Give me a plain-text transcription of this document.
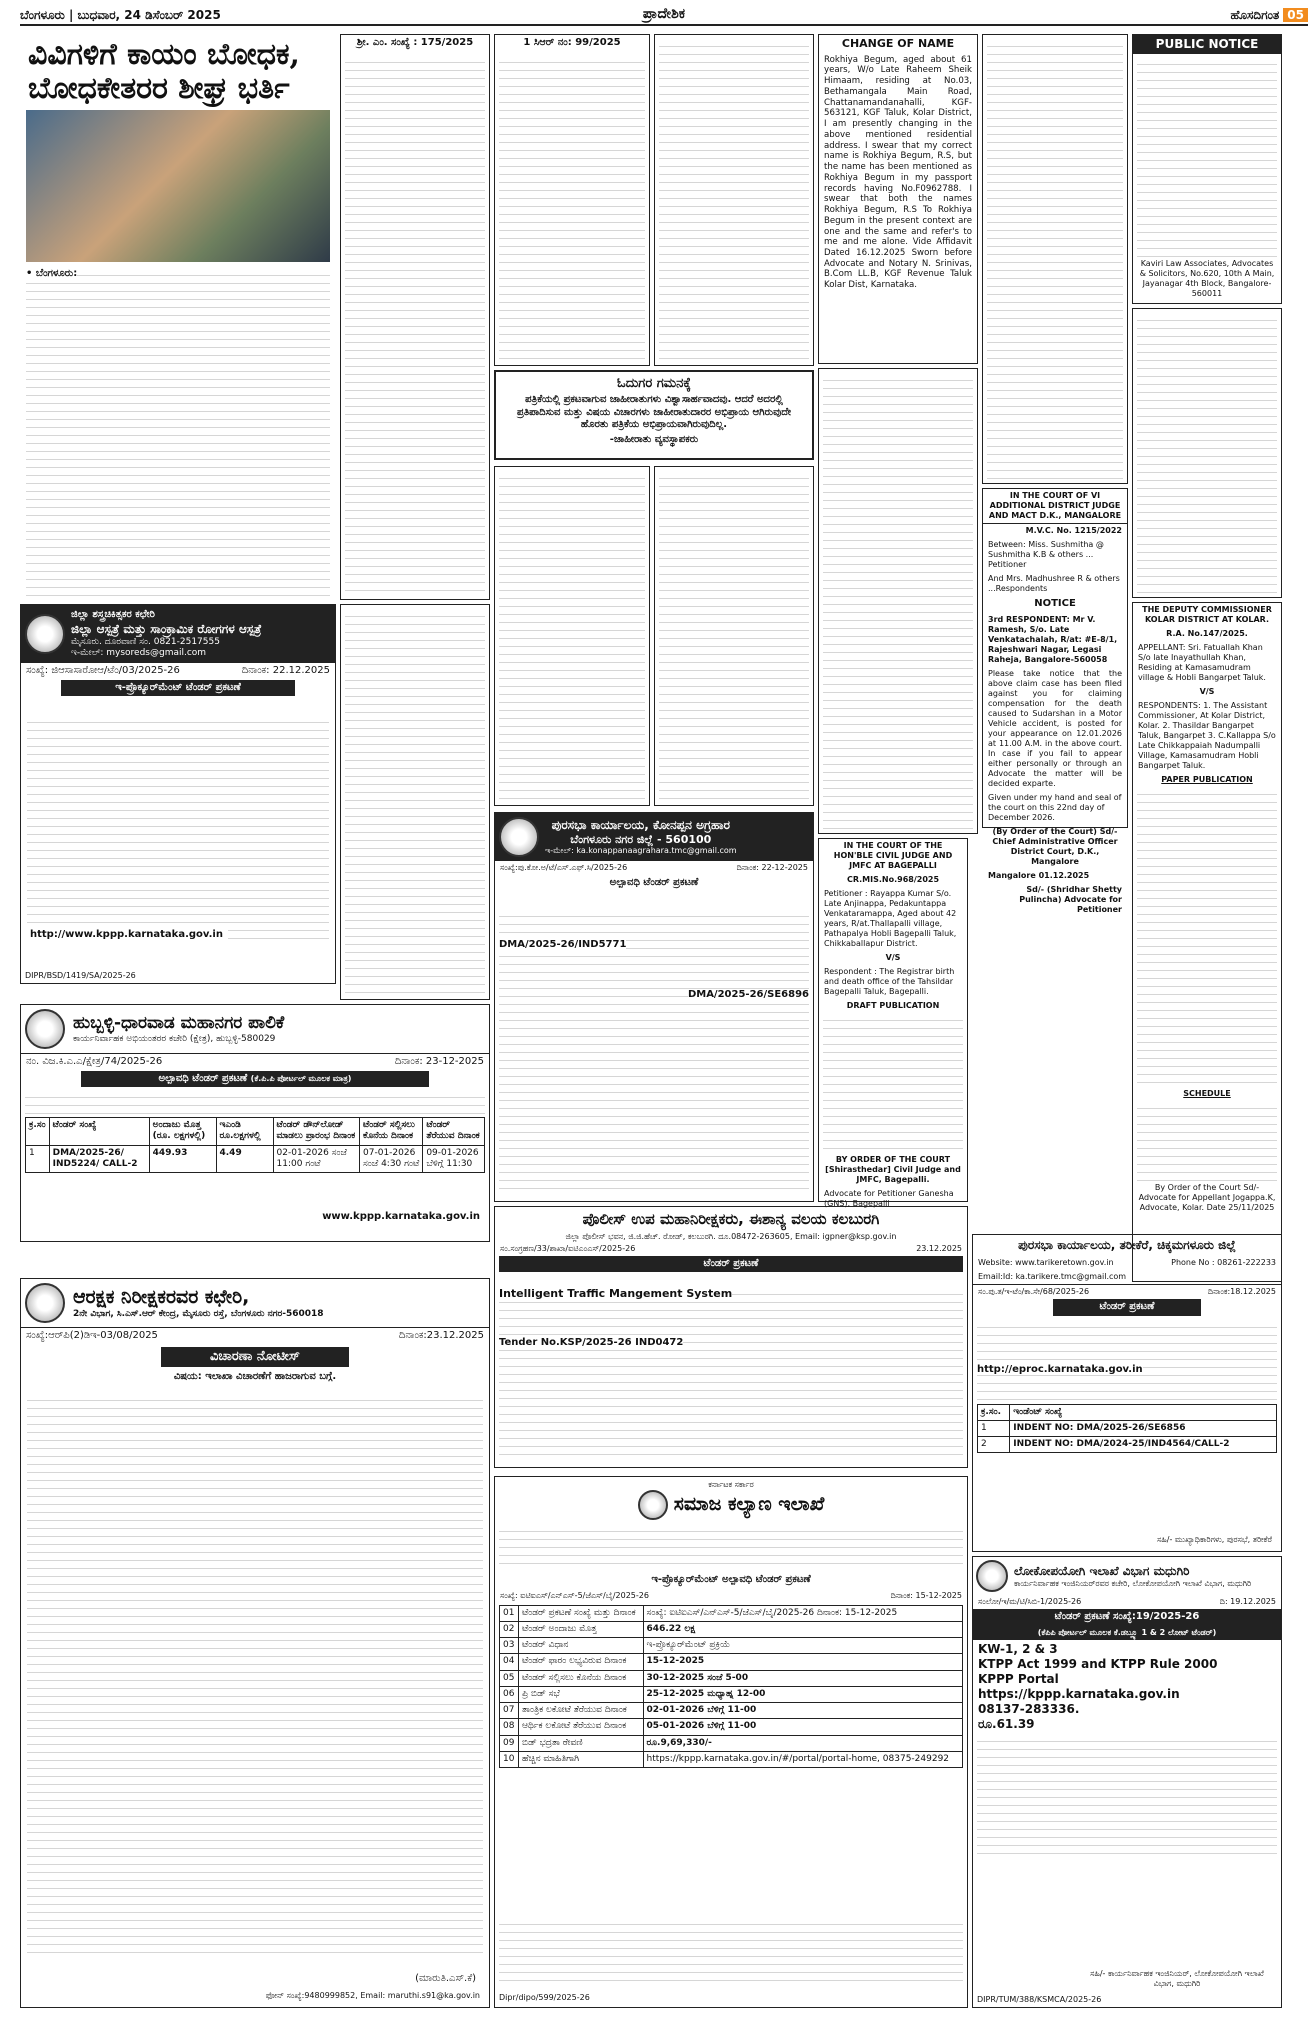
ಬೆಂಗಳೂರು | ಬುಧವಾರ, 24 ಡಿಸೆಂಬರ್ 2025	ಪ್ರಾದೇಶಿಕ	ಹೊಸದಿಗಂತ 05
ವಿವಿಗಳಿಗೆ ಕಾಯಂ ಬೋಧಕ, ಬೋಧಕೇತರರ ಶೀಘ್ರ ಭರ್ತಿ
• ಬೆಂಗಳೂರು:
ಜಿಲ್ಲಾ ಶಸ್ತ್ರಚಿಕಿತ್ಸಕರ ಕಛೇರಿ
ಜಿಲ್ಲಾ ಆಸ್ಪತ್ರೆ ಮತ್ತು ಸಾಂಕ್ರಾಮಿಕ ರೋಗಗಳ ಆಸ್ಪತ್ರೆ
ಮೈಸೂರು. ದೂರವಾಣಿ ಸಂ. 0821-2517555
ಇ-ಮೇಲ್: mysoreds@gmail.com
ಸಂಖ್ಯೆ: ಜಿಆಸಾಸಾರೋಆ/ಟೆಂ/03/2025-26	ದಿನಾಂಕ: 22.12.2025
ಇ-ಪ್ರೊಕ್ಯೂರ್‌ಮೆಂಟ್ ಟೆಂಡರ್ ಪ್ರಕಟಣೆ
http://www.kppp.karnataka.gov.in
DIPR/BSD/1419/SA/2025-26
ಹುಬ್ಬಳ್ಳಿ-ಧಾರವಾಡ ಮಹಾನಗರ ಪಾಲಿಕೆ
ಕಾರ್ಯನಿರ್ವಾಹಕ ಅಭಿಯಂತರರ ಕಚೇರಿ (ಕ್ಷೇತ್ರ), ಹುಬ್ಬಳ್ಳಿ-580029
ನಂ. ವಿಜ.ಕಿ.ಎ.ಎ/ಕ್ಷೇತ್ರ/74/2025-26	ದಿನಾಂಕ: 23-12-2025
ಅಲ್ಪಾವಧಿ ಟೆಂಡರ್ ಪ್ರಕಟಣೆ (ಕೆ.ಪಿ.ಪಿ ಪೋರ್ಟಲ್ ಮೂಲಕ ಮಾತ್ರ)
ಕ್ರ.ಸಂ	ಟೆಂಡರ್ ಸಂಖ್ಯೆ	ಅಂದಾಜು ಮೊತ್ತ (ರೂ. ಲಕ್ಷಗಳಲ್ಲಿ)	ಇಎಂಡಿ ರೂ.ಲಕ್ಷಗಳಲ್ಲಿ	ಟೆಂಡರ್ ಡೌನ್‌ಲೋಡ್ ಮಾಡಲು ಪ್ರಾರಂಭ ದಿನಾಂಕ	ಟೆಂಡರ್ ಸಲ್ಲಿಸಲು ಕೊನೆಯ ದಿನಾಂಕ	ಟೆಂಡರ್ ತೆರೆಯುವ ದಿನಾಂಕ
1	DMA/2025-26/ IND5224/ CALL-2	449.93	4.49	02-01-2026 ಸಂಜೆ 11:00 ಗಂಟೆ	07-01-2026 ಸಂಜೆ 4:30 ಗಂಟೆ	09-01-2026 ಬೆಳಿಗ್ಗೆ 11:30
www.kppp.karnataka.gov.in
ಆರಕ್ಷಕ ನಿರೀಕ್ಷಕರವರ ಕಛೇರಿ,
2ನೇ ವಿಭಾಗ, ಸಿ.ಎಸ್.ಆರ್ ಕೇಂದ್ರ, ಮೈಸೂರು ರಸ್ತೆ, ಬೆಂಗಳೂರು ನಗರ-560018
ಸಂಖ್ಯೆ:ಆರ್‌ಪಿ(2)ಡಿಇ-03/08/2025	ದಿನಾಂಕ:23.12.2025
ವಿಚಾರಣಾ ನೋಟೀಸ್
ವಿಷಯ: ಇಲಾಖಾ ವಿಚಾರಣೆಗೆ ಹಾಜರಾಗುವ ಬಗ್ಗೆ.
(ಮಾರುತಿ.ಎಸ್.ಕೆ)
ಫೋನ್ ಸಂಖ್ಯೆ:9480999852, Email: maruthi.s91@ka.gov.in
ಶ್ರೀ. ಎಂ. ಸಂಖ್ಯೆ : 175/2025	1 ಸಿಆರ್ ನಂ: 99/2025
ಓದುಗರ ಗಮನಕ್ಕೆ
ಪತ್ರಿಕೆಯಲ್ಲಿ ಪ್ರಕಟವಾಗುವ ಜಾಹೀರಾತುಗಳು ವಿಶ್ವಾಸಾರ್ಹವಾದವು. ಆದರೆ ಅದರಲ್ಲಿ ಪ್ರತಿಪಾದಿಸುವ ಮತ್ತು ವಿಷಯ ವಿಚಾರಗಳು ಜಾಹೀರಾತುದಾರರ ಅಭಿಪ್ರಾಯ ಆಗಿರುವುದೇ ಹೊರತು ಪತ್ರಿಕೆಯ ಅಭಿಪ್ರಾಯವಾಗಿರುವುದಿಲ್ಲ.
-ಜಾಹೀರಾತು ವ್ಯವಸ್ಥಾಪಕರು
ಪುರಸಭಾ ಕಾರ್ಯಾಲಯ, ಕೋನಪ್ಪನ ಅಗ್ರಹಾರ
ಬೆಂಗಳೂರು ನಗರ ಜಿಲ್ಲೆ - 560100
ಇ-ಮೇಲ್: ka.konappanaagrahara.tmc@gmail.com
ಸಂಖ್ಯೆ:ಪು.ಕೋ.ಅ/ಟೆ/ಎಸ್.ಎಫ್.ಸಿ/2025-26	ದಿನಾಂಕ: 22-12-2025
ಅಲ್ಪಾವಧಿ ಟೆಂಡರ್ ಪ್ರಕಟಣೆ
DMA/2025-26/IND5771
DMA/2025-26/SE6896
ಪೊಲೀಸ್ ಉಪ ಮಹಾನಿರೀಕ್ಷಕರು, ಈಶಾನ್ಯ ವಲಯ ಕಲಬುರಗಿ
ಜಿಲ್ಲಾ ಪೊಲೀಸ್ ಭವನ, ಜಿ.ಜಿ.ಹೆಚ್. ರೋಡ್, ಕಲಬುರಗಿ. ದೂ.08472-263605, Email: igpner@ksp.gov.in
ಸಂ.ಸಂಗ್ರಹಣ/33/ಶಾಖಾ/ಐಟಿಎಂಎಸ್/2025-26	23.12.2025
ಟೆಂಡರ್ ಪ್ರಕಟಣೆ
Intelligent Traffic Mangement System
Tender No.KSP/2025-26 IND0472
ಕರ್ನಾಟಕ ಸರ್ಕಾರ
ಸಮಾಜ ಕಲ್ಯಾಣ ಇಲಾಖೆ
ಇ-ಪ್ರೊಕ್ಯೂರ್‌ಮೆಂಟ್ ಅಲ್ಪಾವಧಿ ಟೆಂಡರ್ ಪ್ರಕಟಣೆ
ಸಂಖ್ಯೆ: ಐಟಿಐಎಸ್/ಎನ್‌ಎಸ್-5/ಜೆಎಸ್/ಬೈ/2025-26	ದಿನಾಂಕ: 15-12-2025
01	ಟೆಂಡರ್ ಪ್ರಕಟಣೆ ಸಂಖ್ಯೆ ಮತ್ತು ದಿನಾಂಕ	ಸಂಖ್ಯೆ: ಐಟಿಐಎಸ್/ಎನ್‌ಎಸ್-5/ಜೆಎಸ್/ಬೈ/2025-26 ದಿನಾಂಕ: 15-12-2025
02	ಟೆಂಡರ್ ಅಂದಾಜು ಮೊತ್ತ	646.22 ಲಕ್ಷ
03	ಟೆಂಡರ್ ವಿಧಾನ	ಇ-ಪ್ರೊಕ್ಯೂರ್‌ಮೆಂಟ್ ಪ್ರಕ್ರಿಯೆ
04	ಟೆಂಡರ್ ಫಾರಂ ಲಭ್ಯವಿರುವ ದಿನಾಂಕ	15-12-2025
05	ಟೆಂಡರ್ ಸಲ್ಲಿಸಲು ಕೊನೆಯ ದಿನಾಂಕ	30-12-2025 ಸಂಜೆ 5-00
06	ಪ್ರಿ ಬಿಡ್ ಸಭೆ	25-12-2025 ಮಧ್ಯಾಹ್ನ 12-00
07	ತಾಂತ್ರಿಕ ಲಕೋಟೆ ತೆರೆಯುವ ದಿನಾಂಕ	02-01-2026 ಬೆಳಿಗ್ಗೆ 11-00
08	ಆರ್ಥಿಕ ಲಕೋಟೆ ತೆರೆಯುವ ದಿನಾಂಕ	05-01-2026 ಬೆಳಿಗ್ಗೆ 11-00
09	ಬಿಡ್ ಭದ್ರತಾ ಠೇವಣಿ	ರೂ.9,69,330/-
10	ಹೆಚ್ಚಿನ ಮಾಹಿತಿಗಾಗಿ	https://kppp.karnataka.gov.in/#/portal/portal-home, 08375-249292
Dipr/dipo/599/2025-26
CHANGE OF NAME
Rokhiya Begum, aged about 61 years, W/o Late Raheem Sheik Himaam, residing at No.03, Bethamangala Main Road, Chattanamandanahalli, KGF-563121, KGF Taluk, Kolar District, I am presently changing in the above mentioned residential address. I swear that my correct name is Rokhiya Begum, R.S, but the name has been mentioned as Rokhiya Begum in my passport records having No.F0962788. I swear that both the names Rokhiya Begum, R.S To Rokhiya Begum in the present context are one and the same and refer's to me and me alone. Vide Affidavit Dated 16.12.2025 Sworn before Advocate and Notary N. Srinivas, B.Com LL.B, KGF Revenue Taluk Kolar Dist, Karnataka.
IN THE COURT OF THE HON'BLE CIVIL JUDGE AND JMFC AT BAGEPALLI
CR.MIS.No.968/2025
Petitioner : Rayappa Kumar S/o. Late Anjinappa, Pedakuntappa Venkataramappa, Aged about 42 years, R/at.Thallapalli village, Pathapalya Hobli Bagepalli Taluk, Chikkaballapur District.
V/S
Respondent : The Registrar birth and death office of the Tahsildar Bagepalli Taluk, Bagepalli.
DRAFT PUBLICATION
BY ORDER OF THE COURT [Shirasthedar] Civil Judge and JMFC, Bagepalli.
Advocate for Petitioner Ganesha (GNS), Bagepalli
IN THE COURT OF VI ADDITIONAL DISTRICT JUDGE AND MACT D.K., MANGALORE
M.V.C. No. 1215/2022
Between: Miss. Sushmitha @ Sushmitha K.B & others ... Petitioner
And Mrs. Madhushree R & others ...Respondents
NOTICE
3rd RESPONDENT: Mr V. Ramesh, S/o. Late Venkatachalah, R/at: #E-8/1, Rajeshwari Nagar, Legasi Raheja, Bangalore-560058
Please take notice that the above claim case has been filed against you for claiming compensation for the death caused to Sudarshan in a Motor Vehicle accident, is posted for your appearance on 12.01.2026 at 11.00 A.M. in the above court. In case if you fail to appear either personally or through an Advocate the matter will be decided exparte.
Given under my hand and seal of the court on this 22nd day of December 2026.
(By Order of the Court) Sd/- Chief Administrative Officer District Court, D.K., Mangalore
Mangalore 01.12.2025
Sd/- (Shridhar Shetty Pulincha) Advocate for Petitioner
PUBLIC NOTICE
Kaviri Law Associates, Advocates & Solicitors, No.620, 10th A Main, Jayanagar 4th Block, Bangalore-560011
THE DEPUTY COMMISSIONER KOLAR DISTRICT AT KOLAR.
R.A. No.147/2025.
APPELLANT: Sri. Fatuallah Khan S/o late Inayathullah Khan, Residing at Kamasamudram village & Hobli Bangarpet Taluk.
V/S
RESPONDENTS: 1. The Assistant Commissioner, At Kolar District, Kolar. 2. Thasildar Bangarpet Taluk, Bangarpet 3. C.Kallappa S/o Late Chikkappaiah Nadumpalli Village, Kamasamudram Hobli Bangarpet Taluk.
PAPER PUBLICATION
SCHEDULE
By Order of the Court Sd/- Advocate for Appellant Jogappa.K, Advocate, Kolar. Date 25/11/2025
ಪುರಸಭಾ ಕಾರ್ಯಾಲಯ, ತರೀಕೆರೆ, ಚಿಕ್ಕಮಗಳೂರು ಜಿಲ್ಲೆ
Website: www.tarikeretown.gov.in	Phone No : 08261-222233
Email:Id: ka.tarikere.tmc@gmail.com
ಸಂ.ಪು.ತ/ಇ-ಟೆಂ/ಕಾ.ಸೇ/68/2025-26	ದಿನಾಂಕ:18.12.2025
ಟೆಂಡರ್ ಪ್ರಕಟಣೆ
http://eproc.karnataka.gov.in
ಕ್ರ.ಸಂ.	ಇಂಡೆಂಟ್ ಸಂಖ್ಯೆ
1	INDENT NO: DMA/2025-26/SE6856
2	INDENT NO: DMA/2024-25/IND4564/CALL-2
ಸಹಿ/- ಮುಖ್ಯಾಧಿಕಾರಿಗಳು, ಪುರಸಭೆ, ತರೀಕೆರೆ
ಲೋಕೋಪಯೋಗಿ ಇಲಾಖೆ ವಿಭಾಗ ಮಧುಗಿರಿ
ಕಾರ್ಯನಿರ್ವಾಹಕ ಇಂಜಿನಿಯರ್‌ರವರ ಕಚೇರಿ, ಲೋಕೋಪಯೋಗಿ ಇಲಾಖೆ ವಿಭಾಗ, ಮಧುಗಿರಿ
ಸಂಲೋ/ಇ/ಮ/ಟಿ/ಸಿಬಿ-1/2025-26	ದಿ: 19.12.2025
ಟೆಂಡರ್ ಪ್ರಕಟಣೆ ಸಂಖ್ಯೆ:19/2025-26
(ಕೆಪಿಪಿ ಪೋರ್ಟಲ್ ಮೂಲಕ ಕೆ.ಡಬ್ಲ್ಯೂ 1 & 2 ಲೋಟ್ ಟೆಂಡರ್)
KW-1, 2 & 3
KTPP Act 1999 and KTPP Rule 2000
KPPP Portal
https://kppp.karnataka.gov.in
08137-283336.
ರೂ.61.39
ಸಹಿ/- ಕಾರ್ಯನಿರ್ವಾಹಕ ಇಂಜಿನಿಯರ್, ಲೋಕೋಪಯೋಗಿ ಇಲಾಖೆ ವಿಭಾಗ, ಮಧುಗಿರಿ
DIPR/TUM/388/KSMCA/2025-26
